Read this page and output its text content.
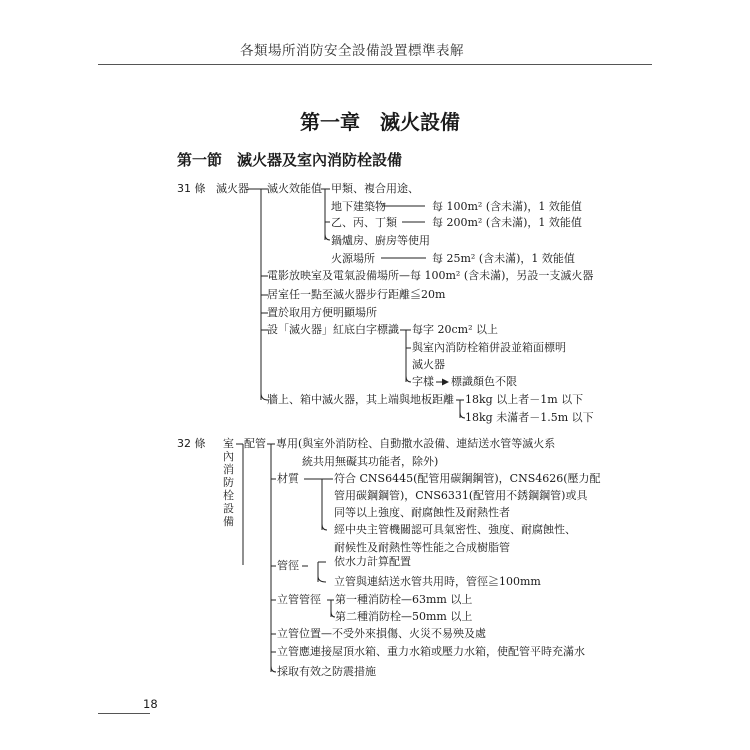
各類場所消防安全設備設置標準表解
第一章　滅火設備
第一節　滅火器及室內消防栓設備
31 條 滅火器 滅火效能值 甲類、複合用途、
地下建築物	每 100m² (含未滿)，1 效能值
乙、丙、丁類	每 200m² (含未滿)，1 效能值
鍋爐房、廚房等使用
火源場所	每 25m² (含未滿)，1 效能值
電影放映室及電氣設備場所—每 100m² (含未滿)，另設一支滅火器
居室任一點至滅火器步行距離≦20m
置於取用方便明顯場所
設「滅火器」紅底白字標識 每字 20cm² 以上
與室內消防栓箱併設並箱面標明
滅火器
字樣 標識顏色不限
牆上、箱中滅火器，其上端與地板距離 18kg 以上者－1m 以下
18kg 未滿者－1.5m 以下
32 條 室內消防栓設備
配管 專用(與室外消防栓、自動撒水設備、連結送水管等滅火系
統共用無礙其功能者，除外)
材質	符合 CNS6445(配管用碳鋼鋼管)，CNS4626(壓力配
管用碳鋼鋼管)，CNS6331(配管用不銹鋼鋼管)或具
同等以上強度、耐腐蝕性及耐熱性者
經中央主管機關認可具氣密性、強度、耐腐蝕性、
耐候性及耐熱性等性能之合成樹脂管
管徑	依水力計算配置
立管與連結送水管共用時，管徑≧100mm
立管管徑 第一種消防栓—63mm 以上
第二種消防栓—50mm 以上
立管位置—不受外來損傷、火災不易殃及處
立管應連接屋頂水箱、重力水箱或壓力水箱，使配管平時充滿水
採取有效之防震措施
18
